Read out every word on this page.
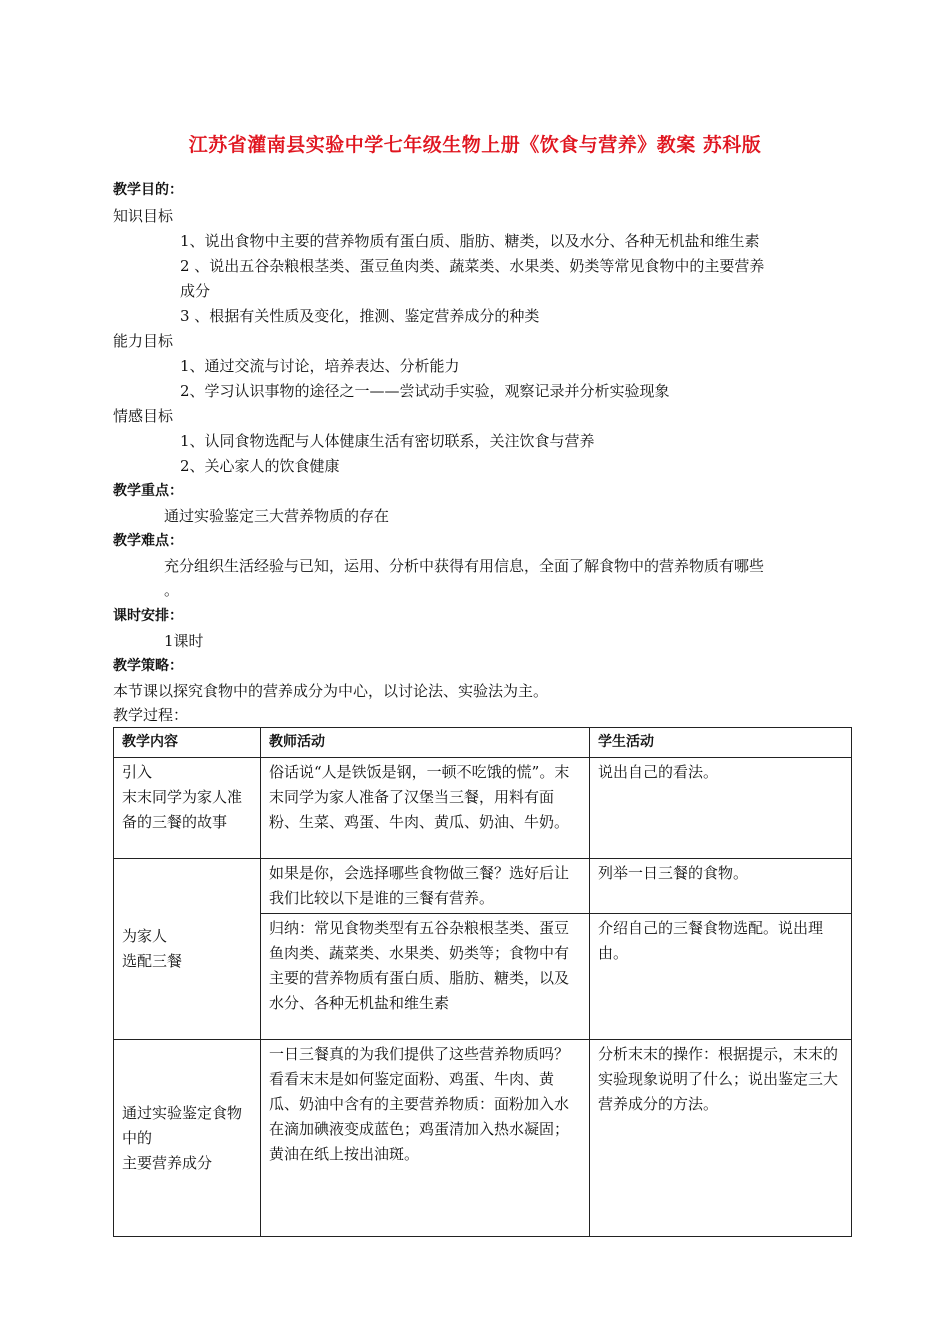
江苏省灌南县实验中学七年级生物上册《饮食与营养》教案 苏科版
教学目的：
知识目标
1、说出食物中主要的营养物质有蛋白质、脂肪、糖类，以及水分、各种无机盐和维生素
2 、说出五谷杂粮根茎类、蛋豆鱼肉类、蔬菜类、水果类、奶类等常见食物中的主要营养
成分
3 、根据有关性质及变化，推测、鉴定营养成分的种类
能力目标
1、通过交流与讨论，培养表达、分析能力
2、学习认识事物的途径之一——尝试动手实验，观察记录并分析实验现象
情感目标
1、认同食物选配与人体健康生活有密切联系，关注饮食与营养
2、关心家人的饮食健康
教学重点：
通过实验鉴定三大营养物质的存在
教学难点：
充分组织生活经验与已知，运用、分析中获得有用信息，全面了解食物中的营养物质有哪些
。
课时安排：
1课时
教学策略：
本节课以探究食物中的营养成分为中心，以讨论法、实验法为主。
教学过程：
教学内容	教师活动	学生活动
引入
末末同学为家人准备的三餐的故事	俗话说“人是铁饭是钢，一顿不吃饿的慌”。末末同学为家人准备了汉堡当三餐，用料有面粉、生菜、鸡蛋、牛肉、黄瓜、奶油、牛奶。	说出自己的看法。
为家人
选配三餐	如果是你，会选择哪些食物做三餐？选好后让我们比较以下是谁的三餐有营养。	列举一日三餐的食物。
	归纳：常见食物类型有五谷杂粮根茎类、蛋豆鱼肉类、蔬菜类、水果类、奶类等；食物中有主要的营养物质有蛋白质、脂肪、糖类，以及水分、各种无机盐和维生素	介绍自己的三餐食物选配。说出理由。
通过实验鉴定食物中的
主要营养成分	一日三餐真的为我们提供了这些营养物质吗？看看末末是如何鉴定面粉、鸡蛋、牛肉、黄瓜、奶油中含有的主要营养物质：面粉加入水在滴加碘液变成蓝色；鸡蛋清加入热水凝固；黄油在纸上按出油斑。	分析末末的操作：根据提示，末末的实验现象说明了什么；说出鉴定三大营养成分的方法。
